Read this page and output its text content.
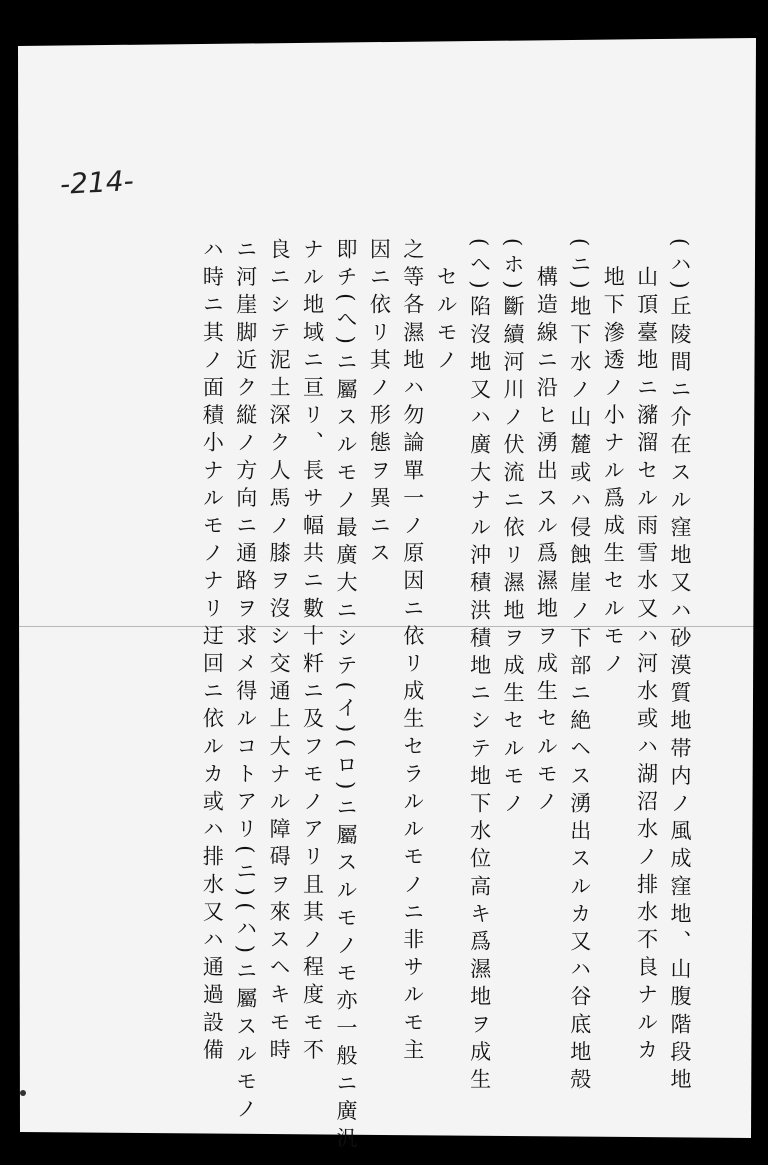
-214-
(ハ)丘陵間ニ介在スル窪地又ハ砂漠質地帯内ノ風成窪地、山腹階段地
　山頂臺地ニ瀦溜セル雨雪水又ハ河水或ハ湖沼水ノ排水不良ナルカ
　地下滲透ノ小ナル爲成生セルモノ
(ニ)地下水ノ山麓或ハ侵蝕崖ノ下部ニ絶ヘス湧出スルカ又ハ谷底地殻
　構造線ニ沿ヒ湧出スル爲濕地ヲ成生セルモノ
(ホ)斷續河川ノ伏流ニ依リ濕地ヲ成生セルモノ
(へ)陷沒地又ハ廣大ナル沖積洪積地ニシテ地下水位高キ爲濕地ヲ成生
　セルモノ
之等各濕地ハ勿論單一ノ原因ニ依リ成生セラルルモノニ非サルモ主
因ニ依リ其ノ形態ヲ異ニス
即チ(へ)ニ屬スルモノ最廣大ニシテ(イ)(ロ)ニ屬スルモノモ亦一般ニ廣汎
ナル地域ニ亘リ、長サ幅共ニ數十粁ニ及フモノアリ且其ノ程度モ不
良ニシテ泥土深ク人馬ノ膝ヲ沒シ交通上大ナル障碍ヲ來スヘキモ時
ニ河崖脚近ク縦ノ方向ニ通路ヲ求メ得ルコトアリ(ニ)(ハ)ニ屬スルモノ
ハ時ニ其ノ面積小ナルモノナリ迂回ニ依ルカ或ハ排水又ハ通過設備
